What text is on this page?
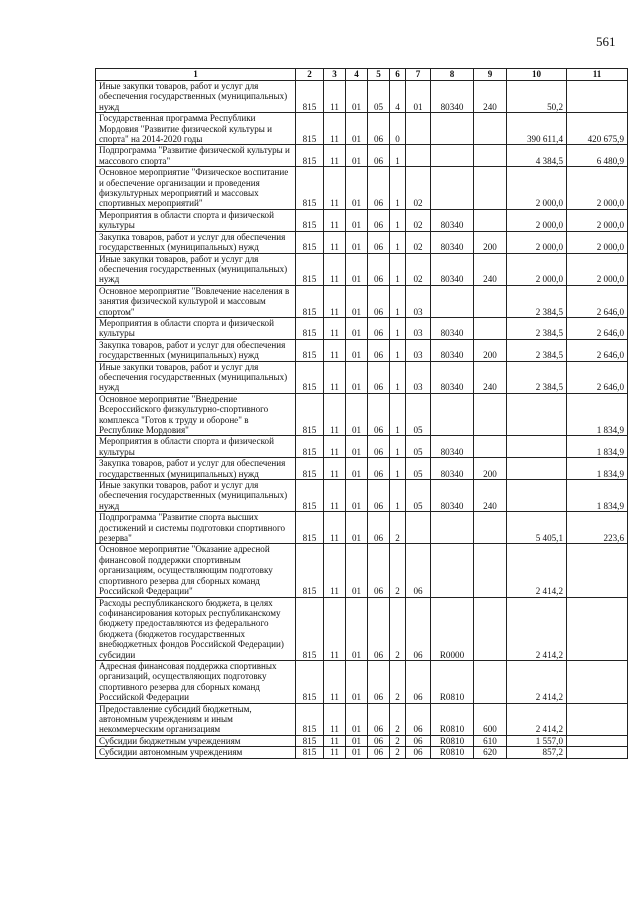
561
1	2	3	4	5	6	7	8	9	10	11
Иные закупки товаров, работ и услуг для обеспечения государственных (муниципальных) нужд	815	11	01	05	4	01	80340	240	50,2	
Государственная программа Республики Мордовия "Развитие физической культуры и спорта" на 2014-2020 годы	815	11	01	06	0				390 611,4	420 675,9
Подпрограмма "Развитие физической культуры и массового спорта"	815	11	01	06	1				4 384,5	6 480,9
Основное мероприятие "Физическое воспитание и обеспечение организации и проведения физкультурных мероприятий и массовых спортивных мероприятий"	815	11	01	06	1	02			2 000,0	2 000,0
Мероприятия в области спорта и физической культуры	815	11	01	06	1	02	80340		2 000,0	2 000,0
Закупка товаров, работ и услуг для обеспечения государственных (муниципальных) нужд	815	11	01	06	1	02	80340	200	2 000,0	2 000,0
Иные закупки товаров, работ и услуг для обеспечения государственных (муниципальных) нужд	815	11	01	06	1	02	80340	240	2 000,0	2 000,0
Основное мероприятие "Вовлечение населения в занятия физической культурой и массовым спортом"	815	11	01	06	1	03			2 384,5	2 646,0
Мероприятия в области спорта и физической культуры	815	11	01	06	1	03	80340		2 384,5	2 646,0
Закупка товаров, работ и услуг для обеспечения государственных (муниципальных) нужд	815	11	01	06	1	03	80340	200	2 384,5	2 646,0
Иные закупки товаров, работ и услуг для обеспечения государственных (муниципальных) нужд	815	11	01	06	1	03	80340	240	2 384,5	2 646,0
Основное мероприятие "Внедрение Всероссийского физкультурно-спортивного комплекса "Готов к труду и обороне" в Республике Мордовия"	815	11	01	06	1	05				1 834,9
Мероприятия в области спорта и физической культуры	815	11	01	06	1	05	80340			1 834,9
Закупка товаров, работ и услуг для обеспечения государственных (муниципальных) нужд	815	11	01	06	1	05	80340	200		1 834,9
Иные закупки товаров, работ и услуг для обеспечения государственных (муниципальных) нужд	815	11	01	06	1	05	80340	240		1 834,9
Подпрограмма "Развитие спорта высших достижений и системы подготовки спортивного резерва"	815	11	01	06	2				5 405,1	223,6
Основное мероприятие "Оказание адресной финансовой поддержки спортивным организациям, осуществляющим подготовку спортивного резерва для сборных команд Российской Федерации"	815	11	01	06	2	06			2 414,2	
Расходы республиканского бюджета, в целях софинансирования которых республиканскому бюджету предоставляются из федерального бюджета (бюджетов государственных внебюджетных фондов Российской Федерации) субсидии	815	11	01	06	2	06	R0000		2 414,2	
Адресная финансовая поддержка спортивных организаций, осуществляющих подготовку спортивного резерва для сборных команд Российской Федерации	815	11	01	06	2	06	R0810		2 414,2	
Предоставление субсидий бюджетным, автономным учреждениям и иным некоммерческим организациям	815	11	01	06	2	06	R0810	600	2 414,2	
Субсидии бюджетным учреждениям	815	11	01	06	2	06	R0810	610	1 557,0	
Субсидии автономным учреждениям	815	11	01	06	2	06	R0810	620	857,2	
